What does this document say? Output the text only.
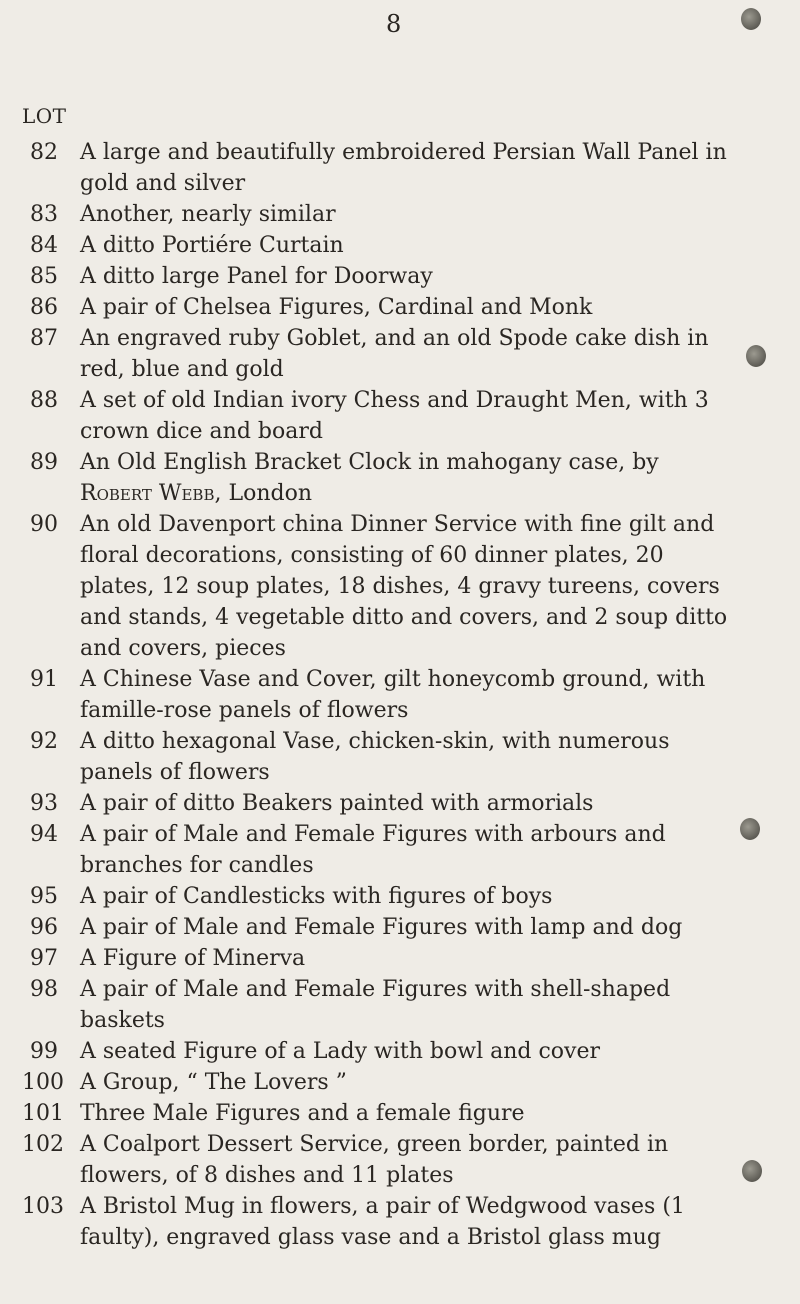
8
LOT
82 A large and beautifully embroidered Persian Wall Panel in gold and silver
83 Another, nearly similar
84 A ditto Portiére Curtain
85 A ditto large Panel for Doorway
86 A pair of Chelsea Figures, Cardinal and Monk
87 An engraved ruby Goblet, and an old Spode cake dish in red, blue and gold
88 A set of old Indian ivory Chess and Draught Men, with 3 crown dice and board
89 An Old English Bracket Clock in mahogany case, by Robert Webb, London
90 An old Davenport china Dinner Service with fine gilt and floral decorations, consisting of 60 dinner plates, 20 plates, 12 soup plates, 18 dishes, 4 gravy tureens, covers and stands, 4 vegetable ditto and covers, and 2 soup ditto and covers, pieces
91 A Chinese Vase and Cover, gilt honeycomb ground, with famille-rose panels of flowers
92 A ditto hexagonal Vase, chicken-skin, with numerous panels of flowers
93 A pair of ditto Beakers painted with armorials
94 A pair of Male and Female Figures with arbours and branches for candles
95 A pair of Candlesticks with figures of boys
96 A pair of Male and Female Figures with lamp and dog
97 A Figure of Minerva
98 A pair of Male and Female Figures with shell-shaped baskets
99 A seated Figure of a Lady with bowl and cover
100 A Group, “ The Lovers ”
101 Three Male Figures and a female figure
102 A Coalport Dessert Service, green border, painted in flowers, of 8 dishes and 11 plates
103 A Bristol Mug in flowers, a pair of Wedgwood vases (1 faulty), engraved glass vase and a Bristol glass mug
